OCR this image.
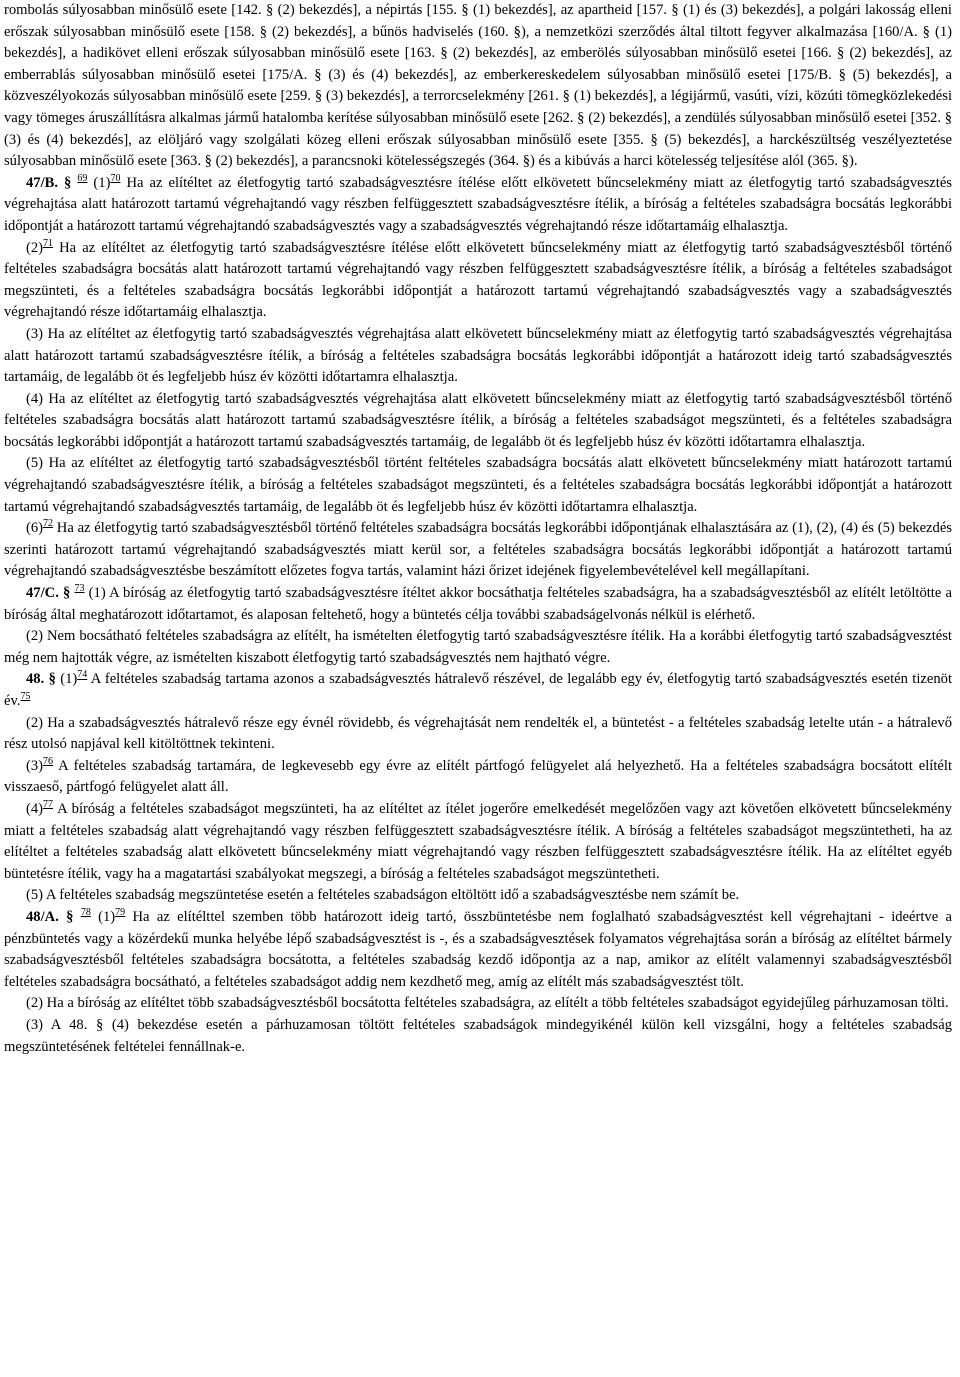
rombolás súlyosabban minősülő esete [142. § (2) bekezdés], a népirtás [155. § (1) bekezdés], az apartheid [157. § (1) és (3) bekezdés], a polgári lakosság elleni erőszak súlyosabban minősülő esete [158. § (2) bekezdés], a bűnös hadviselés (160. §), a nemzetközi szerződés által tiltott fegyver alkalmazása [160/A. § (1) bekezdés], a hadikövet elleni erőszak súlyosabban minősülő esete [163. § (2) bekezdés], az emberölés súlyosabban minősülő esetei [166. § (2) bekezdés], az emberrablás súlyosabban minősülő esetei [175/A. § (3) és (4) bekezdés], az emberkereskedelem súlyosabban minősülő esetei [175/B. § (5) bekezdés], a közveszélyokozás súlyosabban minősülő esete [259. § (3) bekezdés], a terrorcselekmény [261. § (1) bekezdés], a légijármű, vasúti, vízi, közúti tömegközlekedési vagy tömeges áruszállításra alkalmas jármű hatalomba kerítése súlyosabban minősülő esete [262. § (2) bekezdés], a zendülés súlyosabban minősülő esetei [352. § (3) és (4) bekezdés], az elöljáró vagy szolgálati közeg elleni erőszak súlyosabban minősülő esete [355. § (5) bekezdés], a harckészültség veszélyeztetése súlyosabban minősülő esete [363. § (2) bekezdés], a parancsnoki kötelességszegés (364. §) és a kibúvás a harci kötelesség teljesítése alól (365. §).

47/B. § $^{69}$ $(1)^{70}$ Ha az elítéltet az életfogytig tartó szabadságvesztésre ítélése előtt elkövetett bűncselekmény miatt az életfogytig tartó szabadságvesztés végrehajtása alatt határozott tartamú végrehajtandó vagy részben felfüggesztett szabadságvesztésre ítélik, a bíróság a feltételes szabadságra bocsátás legkorábbi időpontját a határozott tartamú végrehajtandó szabadságvesztés vagy a szabadságvesztés végrehajtandó része időtartamáig elhalasztja.

$(2)^{71}$ Ha az elítéltet az életfogytig tartó szabadságvesztésre ítélése előtt elkövetett bűncselekmény miatt az életfogytig tartó szabadságvesztésből történő feltételes szabadságra bocsátás alatt határozott tartamú végrehajtandó vagy részben felfüggesztett szabadságvesztésre ítélik, a bíróság a feltételes szabadságot megszünteti, és a feltételes szabadságra bocsátás legkorábbi időpontját a határozott tartamú végrehajtandó szabadságvesztés vagy a szabadságvesztés végrehajtandó része időtartamáig elhalasztja.

(3) Ha az elítéltet az életfogytig tartó szabadságvesztés végrehajtása alatt elkövetett bűncselekmény miatt az életfogytig tartó szabadságvesztés végrehajtása alatt határozott tartamú szabadságvesztésre ítélik, a bíróság a feltételes szabadságra bocsátás legkorábbi időpontját a határozott ideig tartó szabadságvesztés tartamáig, de legalább öt és legfeljebb húsz év közötti időtartamra elhalasztja.

(4) Ha az elítéltet az életfogytig tartó szabadságvesztés végrehajtása alatt elkövetett bűncselekmény miatt az életfogytig tartó szabadságvesztésből történő feltételes szabadságra bocsátás alatt határozott tartamú szabadságvesztésre ítélik, a bíróság a feltételes szabadságot megszünteti, és a feltételes szabadságra bocsátás legkorábbi időpontját a határozott tartamú szabadságvesztés tartamáig, de legalább öt és legfeljebb húsz év közötti időtartamra elhalasztja.

(5) Ha az elítéltet az életfogytig tartó szabadságvesztésből történt feltételes szabadságra bocsátás alatt elkövetett bűncselekmény miatt határozott tartamú végrehajtandó szabadságvesztésre ítélik, a bíróság a feltételes szabadságot megszünteti, és a feltételes szabadságra bocsátás legkorábbi időpontját a határozott tartamú végrehajtandó szabadságvesztés tartamáig, de legalább öt és legfeljebb húsz év közötti időtartamra elhalasztja.

$(6)^{72}$ Ha az életfogytig tartó szabadságvesztésből történő feltételes szabadságra bocsátás legkorábbi időpontjának elhalasztására az (1), (2), (4) és (5) bekezdés szerinti határozott tartamú végrehajtandó szabadságvesztés miatt kerül sor, a feltételes szabadságra bocsátás legkorábbi időpontját a határozott tartamú végrehajtandó szabadságvesztésbe beszámított előzetes fogva tartás, valamint házi őrizet idejének figyelembevételével kell megállapítani.

47/C. § $^{73}$ (1) A bíróság az életfogytig tartó szabadságvesztésre ítéltet akkor bocsáthatja feltételes szabadságra, ha a szabadságvesztésből az elítélt letöltötte a bíróság által meghatározott időtartamot, és alaposan feltehető, hogy a büntetés célja további szabadságelvonás nélkül is elérhető.

(2) Nem bocsátható feltételes szabadságra az elítélt, ha ismételten életfogytig tartó szabadságvesztésre ítélik. Ha a korábbi életfogytig tartó szabadságvesztést még nem hajtották végre, az ismételten kiszabott életfogytig tartó szabadságvesztés nem hajtható végre.

48. § $(1)^{74}$ A feltételes szabadság tartama azonos a szabadságvesztés hátralevő részével, de legalább egy év, életfogytig tartó szabadságvesztés esetén tizenöt év.$^{75}$

(2) Ha a szabadságvesztés hátralevő része egy évnél rövidebb, és végrehajtását nem rendelték el, a büntetést - a feltételes szabadság letelte után - a hátralevő rész utolsó napjával kell kitöltöttnek tekinteni.

$(3)^{76}$ A feltételes szabadság tartamára, de legkevesebb egy évre az elítélt pártfogó felügyelet alá helyezhető. Ha a feltételes szabadságra bocsátott elítélt visszaeső, pártfogó felügyelet alatt áll.

$(4)^{77}$ A bíróság a feltételes szabadságot megszünteti, ha az elítéltet az ítélet jogerőre emelkedését megelőzően vagy azt követően elkövetett bűncselekmény miatt a feltételes szabadság alatt végrehajtandó vagy részben felfüggesztett szabadságvesztésre ítélik. A bíróság a feltételes szabadságot megszüntetheti, ha az elítéltet a feltételes szabadság alatt elkövetett bűncselekmény miatt végrehajtandó vagy részben felfüggesztett szabadságvesztésre ítélik. Ha az elítéltet egyéb büntetésre ítélik, vagy ha a magatartási szabályokat megszegi, a bíróság a feltételes szabadságot megszüntetheti.

(5) A feltételes szabadság megszüntetése esetén a feltételes szabadságon eltöltött idő a szabadságvesztésbe nem számít be.

48/A. § $^{78}$ $(1)^{79}$ Ha az elítélttel szemben több határozott ideig tartó, összbüntetésbe nem foglalható szabadságvesztést kell végrehajtani - ideértve a pénzbüntetés vagy a közérdekű munka helyébe lépő szabadságvesztést is -, és a szabadságvesztések folyamatos végrehajtása során a bíróság az elítéltet bármely szabadságvesztésből feltételes szabadságra bocsátotta, a feltételes szabadság kezdő időpontja az a nap, amikor az elítélt valamennyi szabadságvesztésből feltételes szabadságra bocsátható, a feltételes szabadságot addig nem kezdhető meg, amíg az elítélt más szabadságvesztést tölt.

(2) Ha a bíróság az elítéltet több szabadságvesztésből bocsátotta feltételes szabadságra, az elítélt a több feltételes szabadságot egyidejűleg párhuzamosan tölti.

(3) A 48. § (4) bekezdése esetén a párhuzamosan töltött feltételes szabadságok mindegyikénél külön kell vizsgálni, hogy a feltételes szabadság megszüntetésének feltételei fennállnak-e.
